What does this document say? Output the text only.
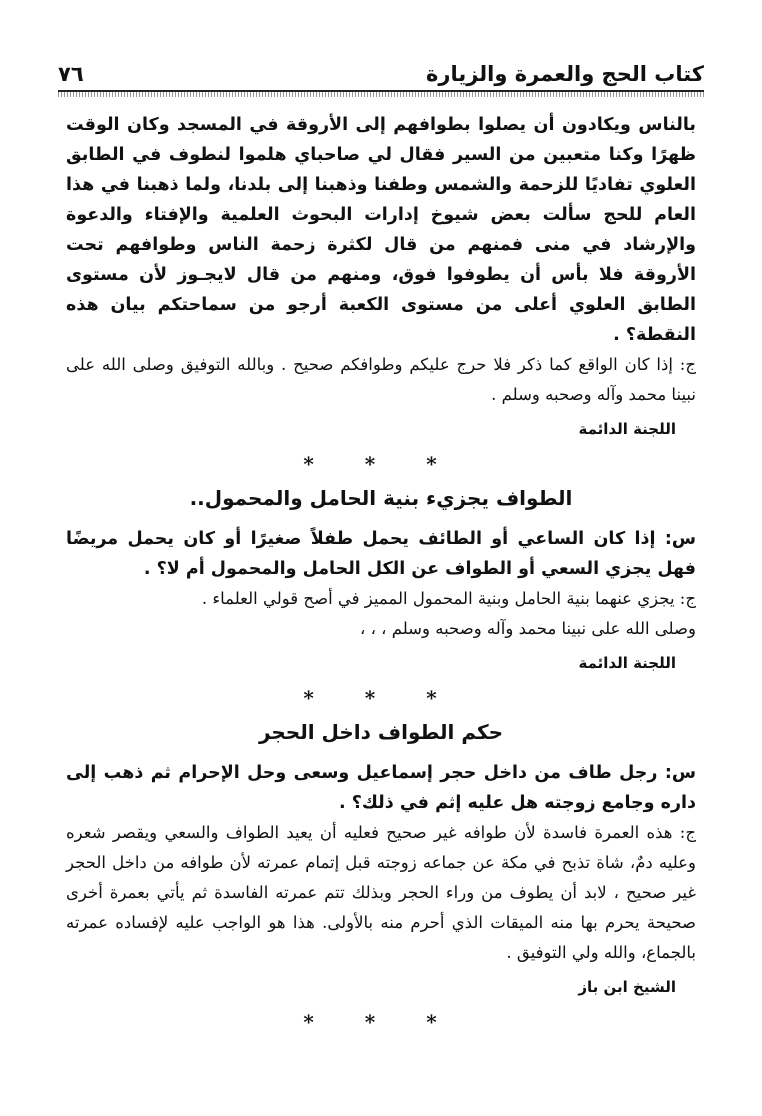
كتاب الحج والعمرة والزيارة
٧٦

بالناس ويكادون أن يصلوا بطوافهم إلى الأروقة في المسجد وكان الوقت ظهرًا وكنا متعبين من السير فقال لي صاحباي هلموا لنطوف في الطابق العلوي تفاديًا للزحمة والشمس وطفنا وذهبنا إلى بلدنا، ولما ذهبنا في هذا العام للحج سألت بعض شيوخ إدارات البحوث العلمية والإفتاء والدعوة والإرشاد في منى فمنهم من قال لكثرة زحمة الناس وطوافهم تحت الأروقة فلا بأس أن يطوفوا فوق، ومنهم من قال لايجـوز لأن مستوى الطابق العلوي أعلى من مستوى الكعبة أرجو من سماحتكم بيان هذه النقطة؟ .

ج: إذا كان الواقع كما ذكر فلا حرج عليكم وطوافكم صحيح . وبالله التوفيق وصلى الله على نبينا محمد وآله وصحبه وسلم .

اللجنة الدائمة
* * *
الطواف يجزيء بنية الحامل والمحمول..

س: إذا كان الساعي أو الطائف يحمل طفلاً صغيرًا أو كان يحمل مريضًا فهل يجزي السعي أو الطواف عن الكل الحامل والمحمول أم لا؟ .

ج: يجزي عنهما بنية الحامل وبنية المحمول المميز في أصح قولي العلماء .

وصلى الله على نبينا محمد وآله وصحبه وسلم ، ، ،

اللجنة الدائمة
* * *
حكم الطواف داخل الحجر

س: رجل طاف من داخل حجر إسماعيل وسعى وحل الإحرام ثم ذهب إلى داره وجامع زوجته هل عليه إثم في ذلك؟ .

ج: هذه العمرة فاسدة لأن طوافه غير صحيح فعليه أن يعيد الطواف والسعي ويقصر شعره وعليه دمٌ، شاة تذبح في مكة عن جماعه زوجته قبل إتمام عمرته لأن طوافه من داخل الحجر غير صحيح ، لابد أن يطوف من وراء الحجر وبذلك تتم عمرته الفاسدة ثم يأتي بعمرة أخرى صحيحة يحرم بها منه الميقات الذي أحرم منه بالأولى. هذا هو الواجب عليه لإفساده عمرته بالجماع، والله ولي التوفيق .

الشيخ ابن باز
* * *
